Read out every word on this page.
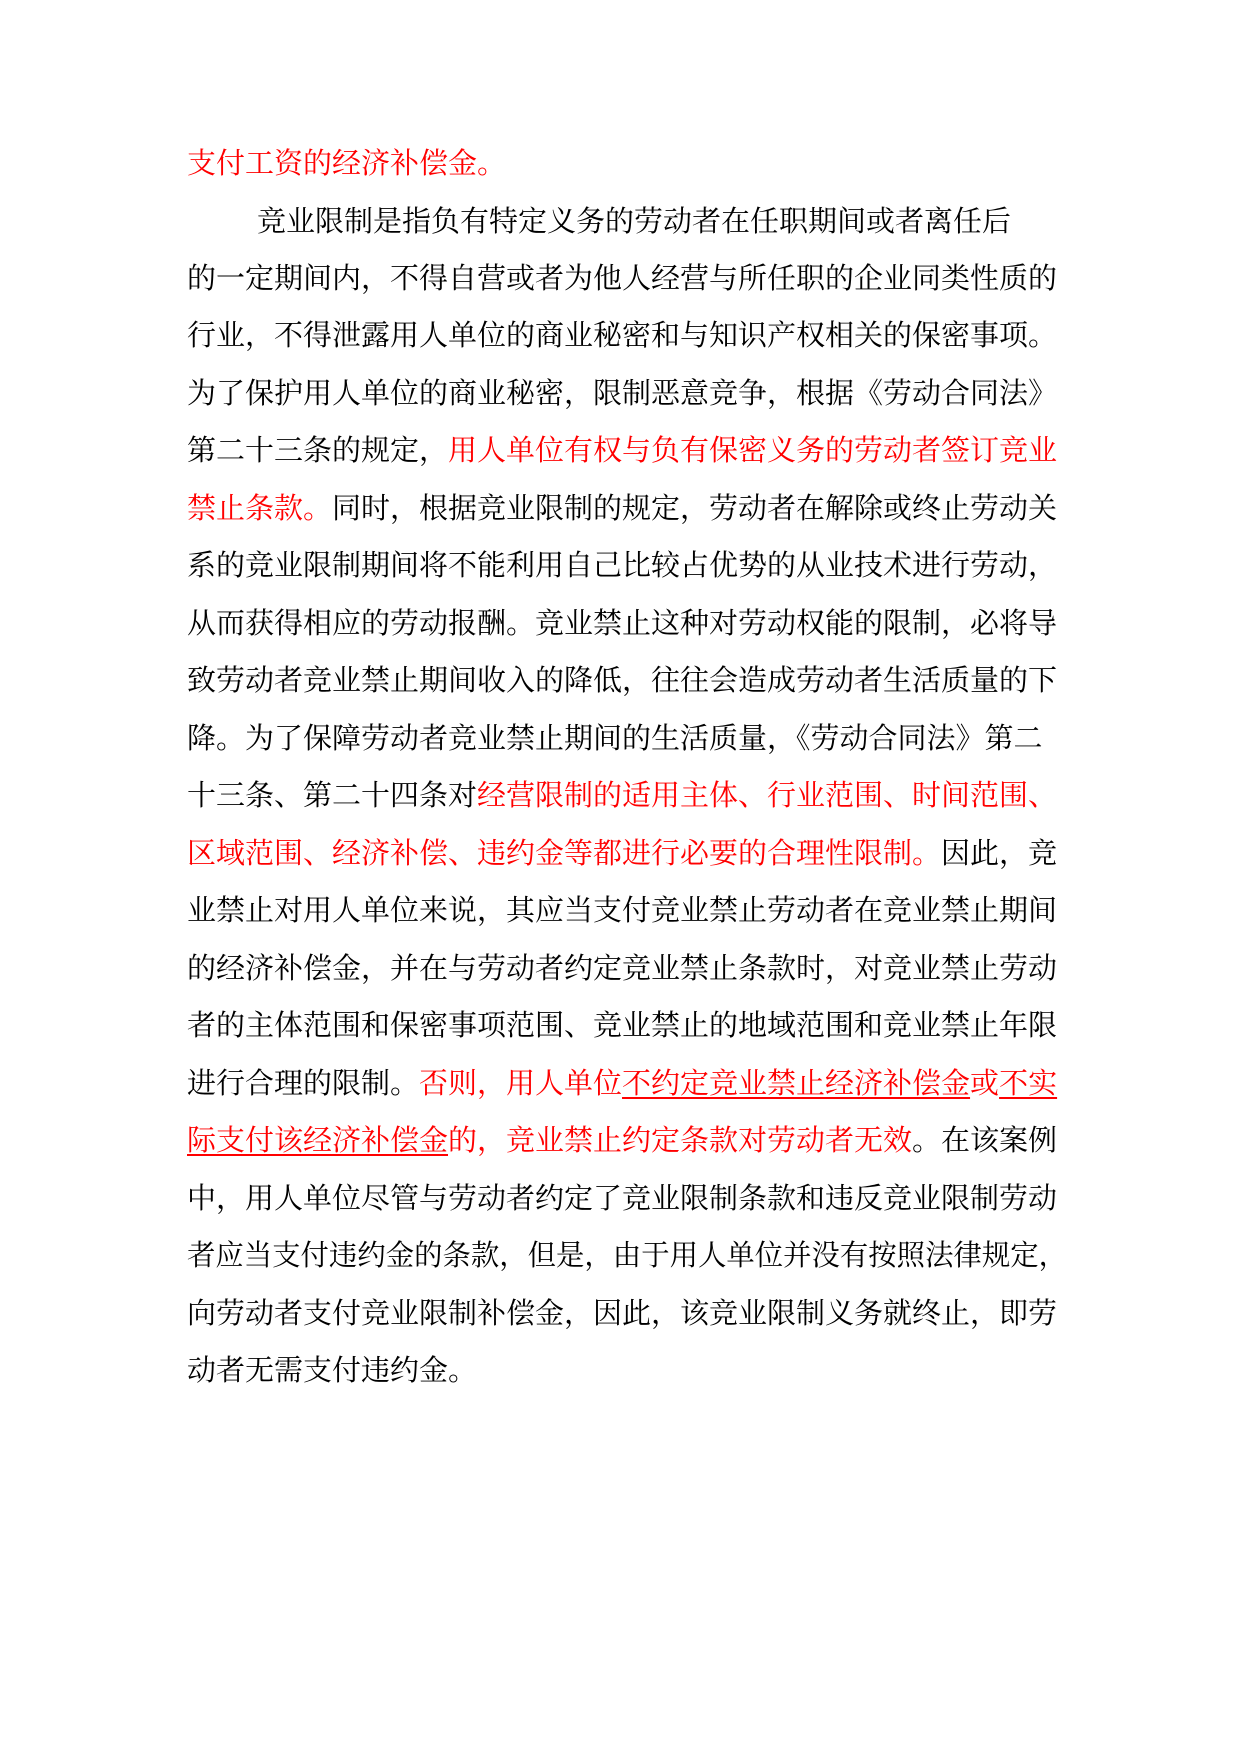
支付工资的经济补偿金。
竞业限制是指负有特定义务的劳动者在任职期间或者离任后
的一定期间内，不得自营或者为他人经营与所任职的企业同类性质的
行业，不得泄露用人单位的商业秘密和与知识产权相关的保密事项。
为了保护用人单位的商业秘密，限制恶意竞争，根据《劳动合同法》
第二十三条的规定，用人单位有权与负有保密义务的劳动者签订竞业
禁止条款。同时，根据竞业限制的规定，劳动者在解除或终止劳动关
系的竞业限制期间将不能利用自己比较占优势的从业技术进行劳动，
从而获得相应的劳动报酬。竞业禁止这种对劳动权能的限制，必将导
致劳动者竞业禁止期间收入的降低，往往会造成劳动者生活质量的下
降。为了保障劳动者竞业禁止期间的生活质量，《劳动合同法》第二
十三条、第二十四条对经营限制的适用主体、行业范围、时间范围、
区域范围、经济补偿、违约金等都进行必要的合理性限制。因此，竞
业禁止对用人单位来说，其应当支付竞业禁止劳动者在竞业禁止期间
的经济补偿金，并在与劳动者约定竞业禁止条款时，对竞业禁止劳动
者的主体范围和保密事项范围、竞业禁止的地域范围和竞业禁止年限
进行合理的限制。否则，用人单位不约定竞业禁止经济补偿金或不实
际支付该经济补偿金的，竞业禁止约定条款对劳动者无效。在该案例
中，用人单位尽管与劳动者约定了竞业限制条款和违反竞业限制劳动
者应当支付违约金的条款，但是，由于用人单位并没有按照法律规定，
向劳动者支付竞业限制补偿金，因此，该竞业限制义务就终止，即劳
动者无需支付违约金。
